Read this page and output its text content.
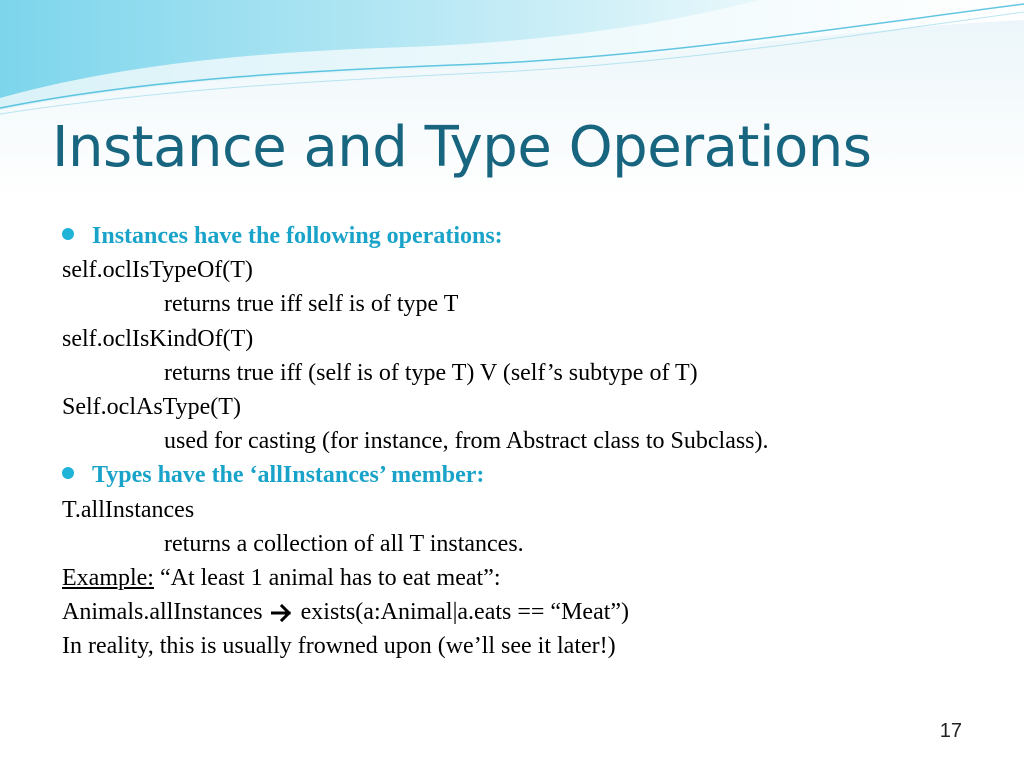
Instance and Type Operations
Instances have the following operations:
self.oclIsTypeOf(T)
returns true iff self is of type T
self.oclIsKindOf(T)
returns true iff (self is of type T) V (self’s subtype of T)
Self.oclAsType(T)
used for casting (for instance, from Abstract class to Subclass).
Types have the ‘allInstances’ member:
T.allInstances
returns a collection of all T instances.
Example: “At least 1 animal has to eat meat”:
Animals.allInstances exists(a:Animal|a.eats == “Meat”)
In reality, this is usually frowned upon (we’ll see it later!)
17
